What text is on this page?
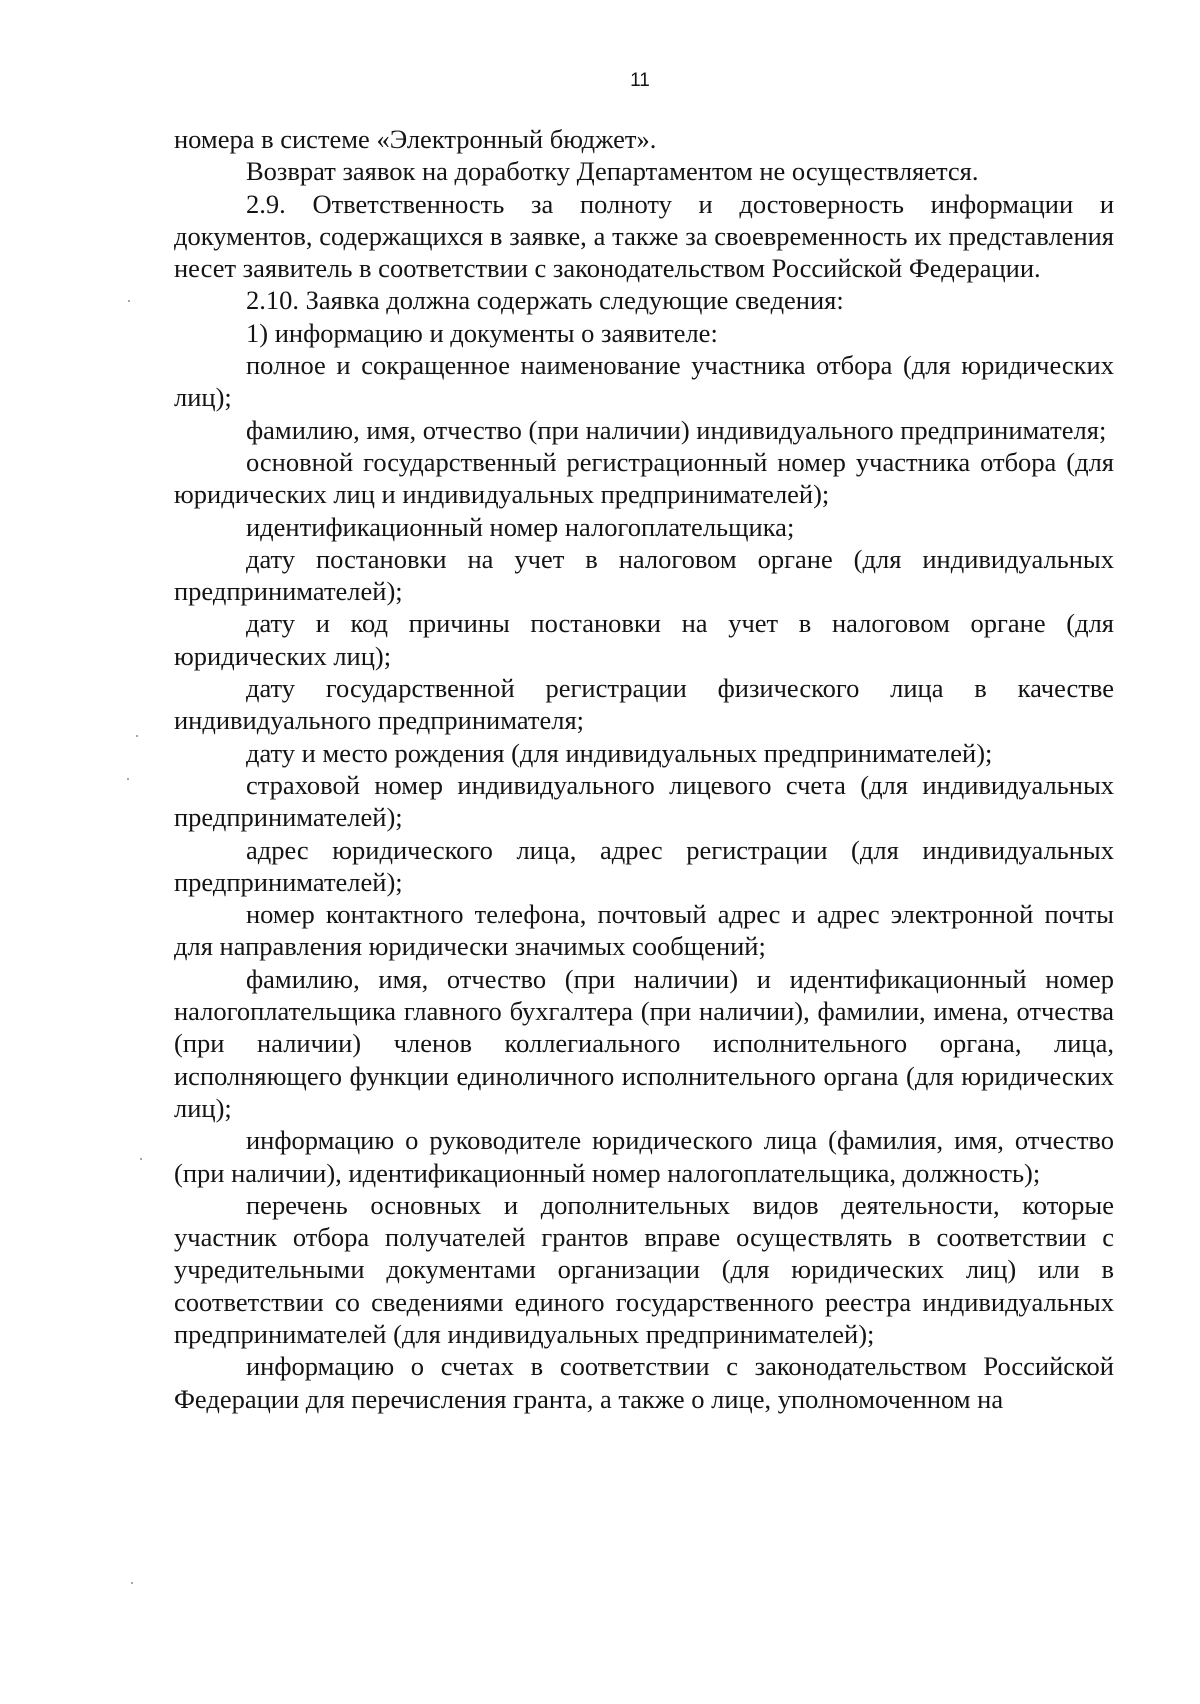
11

номера в системе «Электронный бюджет».

Возврат заявок на доработку Департаментом не осуществляется.

2.9. Ответственность за полноту и достоверность информации и документов, содержащихся в заявке, а также за своевременность их представления несет заявитель в соответствии с законодательством Российской Федерации.

2.10. Заявка должна содержать следующие сведения:

1) информацию и документы о заявителе:

полное и сокращенное наименование участника отбора (для юридических лиц);

фамилию, имя, отчество (при наличии) индивидуального предпринимателя;

основной государственный регистрационный номер участника отбора (для юридических лиц и индивидуальных предпринимателей);

идентификационный номер налогоплательщика;

дату постановки на учет в налоговом органе (для индивидуальных предпринимателей);

дату и код причины постановки на учет в налоговом органе (для юридических лиц);

дату государственной регистрации физического лица в качестве индивидуального предпринимателя;

дату и место рождения (для индивидуальных предпринимателей);

страховой номер индивидуального лицевого счета (для индивидуальных предпринимателей);

адрес юридического лица, адрес регистрации (для индивидуальных предпринимателей);

номер контактного телефона, почтовый адрес и адрес электронной почты для направления юридически значимых сообщений;

фамилию, имя, отчество (при наличии) и идентификационный номер налогоплательщика главного бухгалтера (при наличии), фамилии, имена, отчества (при наличии) членов коллегиального исполнительного органа, лица, исполняющего функции единоличного исполнительного органа (для юридических лиц);

информацию о руководителе юридического лица (фамилия, имя, отчество (при наличии), идентификационный номер налогоплательщика, должность);

перечень основных и дополнительных видов деятельности, которые участник отбора получателей грантов вправе осуществлять в соответствии с учредительными документами организации (для юридических лиц) или в соответствии со сведениями единого государственного реестра индивидуальных предпринимателей (для индивидуальных предпринимателей);

информацию о счетах в соответствии с законодательством Российской Федерации для перечисления гранта, а также о лице, уполномоченном на
